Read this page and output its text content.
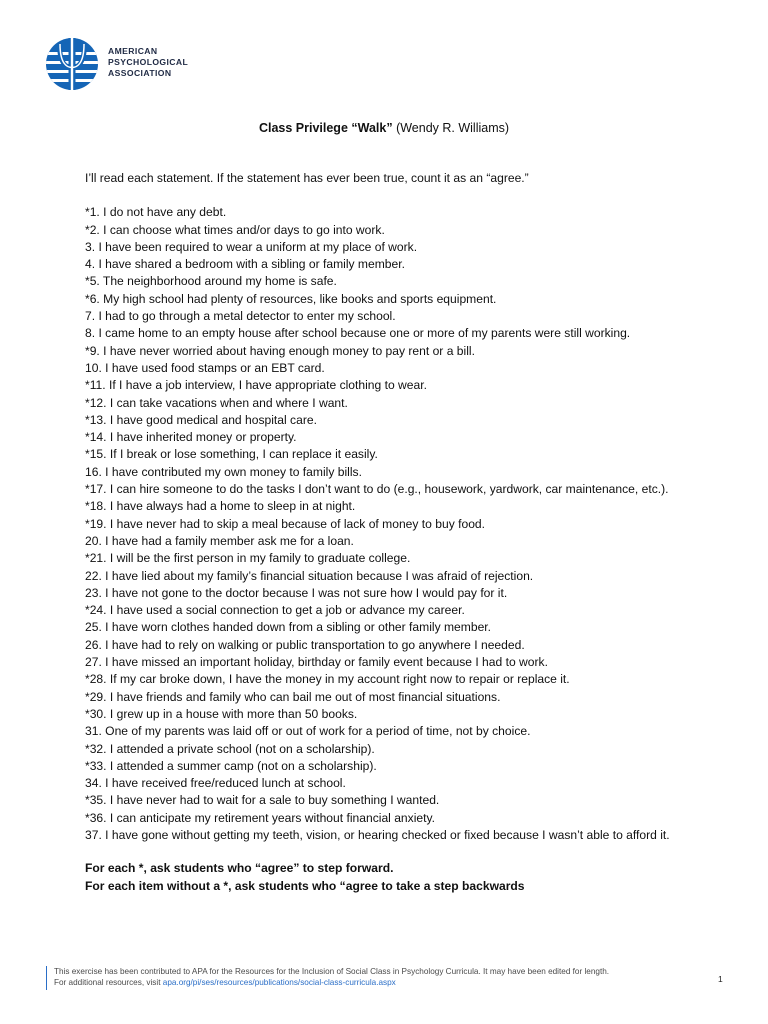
AMERICAN
PSYCHOLOGICAL
ASSOCIATION
Class Privilege “Walk” (Wendy R. Williams)
I’ll read each statement. If the statement has ever been true, count it as an “agree.”
*1. I do not have any debt.
*2. I can choose what times and/or days to go into work.
3. I have been required to wear a uniform at my place of work.
4. I have shared a bedroom with a sibling or family member.
*5. The neighborhood around my home is safe.
*6. My high school had plenty of resources, like books and sports equipment.
7. I had to go through a metal detector to enter my school.
8. I came home to an empty house after school because one or more of my parents were still working.
*9. I have never worried about having enough money to pay rent or a bill.
10. I have used food stamps or an EBT card.
*11. If I have a job interview, I have appropriate clothing to wear.
*12. I can take vacations when and where I want.
*13. I have good medical and hospital care.
*14. I have inherited money or property.
*15. If I break or lose something, I can replace it easily.
16. I have contributed my own money to family bills.
*17. I can hire someone to do the tasks I don’t want to do (e.g., housework, yardwork, car maintenance, etc.).
*18. I have always had a home to sleep in at night.
*19. I have never had to skip a meal because of lack of money to buy food.
20. I have had a family member ask me for a loan.
*21. I will be the first person in my family to graduate college.
22. I have lied about my family’s financial situation because I was afraid of rejection.
23. I have not gone to the doctor because I was not sure how I would pay for it.
*24. I have used a social connection to get a job or advance my career.
25. I have worn clothes handed down from a sibling or other family member.
26. I have had to rely on walking or public transportation to go anywhere I needed.
27. I have missed an important holiday, birthday or family event because I had to work.
*28. If my car broke down, I have the money in my account right now to repair or replace it.
*29. I have friends and family who can bail me out of most financial situations.
*30. I grew up in a house with more than 50 books.
31. One of my parents was laid off or out of work for a period of time, not by choice.
*32. I attended a private school (not on a scholarship).
*33. I attended a summer camp (not on a scholarship).
34. I have received free/reduced lunch at school.
*35. I have never had to wait for a sale to buy something I wanted.
*36. I can anticipate my retirement years without financial anxiety.
37. I have gone without getting my teeth, vision, or hearing checked or fixed because I wasn’t able to afford it.
For each *, ask students who “agree” to step forward.
For each item without a *, ask students who “agree to take a step backwards
This exercise has been contributed to APA for the Resources for the Inclusion of Social Class in Psychology Curricula. It may have been edited for length.
For additional resources, visit apa.org/pi/ses/resources/publications/social-class-curricula.aspx	1
